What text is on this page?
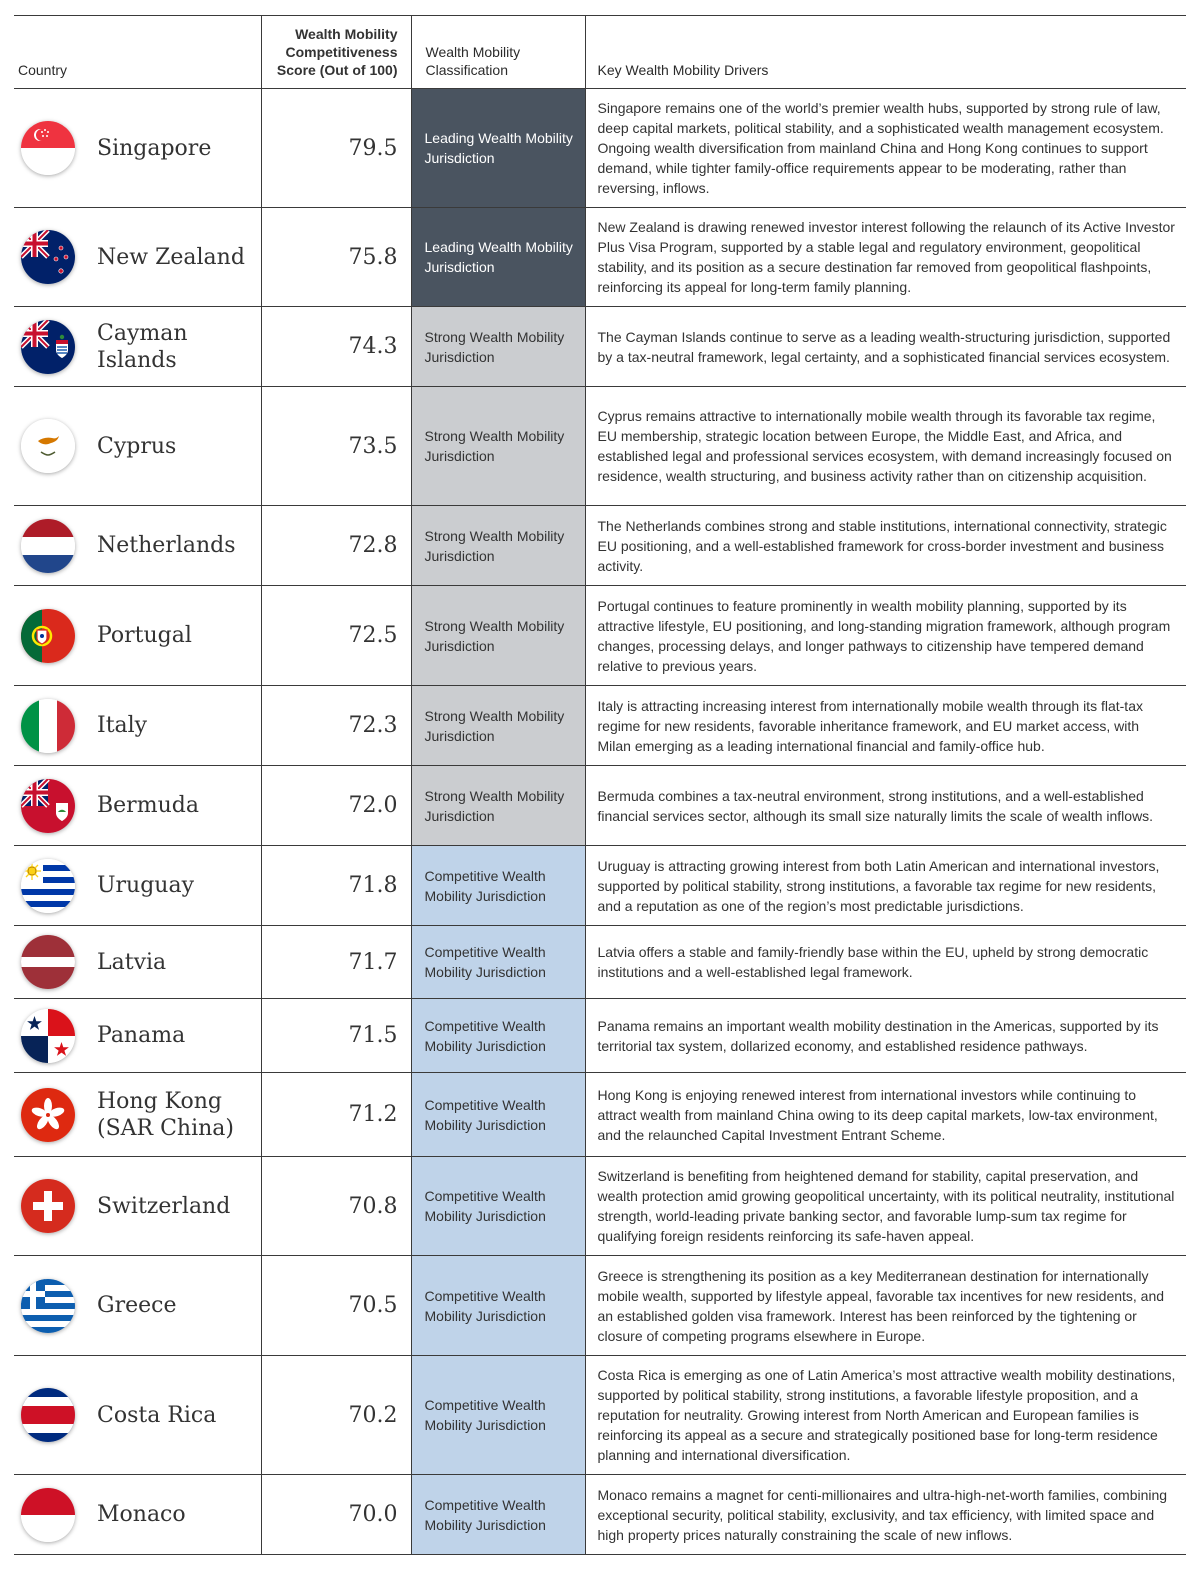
Country	Wealth Mobility Competitiveness Score (Out of 100)	Wealth Mobility Classification	Key Wealth Mobility Drivers

Singapore	79.5	Leading Wealth Mobility Jurisdiction	Singapore remains one of the world’s premier wealth hubs, supported by strong rule of law, deep capital markets, political stability, and a sophisticated wealth management ecosystem. Ongoing wealth diversification from mainland China and Hong Kong continues to support demand, while tighter family-office requirements appear to be moderating, rather than reversing, inflows.

New Zealand	75.8	Leading Wealth Mobility Jurisdiction	New Zealand is drawing renewed investor interest following the relaunch of its Active Investor Plus Visa Program, supported by a stable legal and regulatory environment, geopolitical stability, and its position as a secure destination far removed from geopolitical flashpoints, reinforcing its appeal for long-term family planning.

Cayman Islands	74.3	Strong Wealth Mobility Jurisdiction	The Cayman Islands continue to serve as a leading wealth-structuring jurisdiction, supported by a tax-neutral framework, legal certainty, and a sophisticated financial services ecosystem.

Cyprus	73.5	Strong Wealth Mobility Jurisdiction	Cyprus remains attractive to internationally mobile wealth through its favorable tax regime, EU membership, strategic location between Europe, the Middle East, and Africa, and established legal and professional services ecosystem, with demand increasingly focused on residence, wealth structuring, and business activity rather than on citizenship acquisition.

Netherlands	72.8	Strong Wealth Mobility Jurisdiction	The Netherlands combines strong and stable institutions, international connectivity, strategic EU positioning, and a well-established framework for cross-border investment and business activity.

Portugal	72.5	Strong Wealth Mobility Jurisdiction	Portugal continues to feature prominently in wealth mobility planning, supported by its attractive lifestyle, EU positioning, and long-standing migration framework, although program changes, processing delays, and longer pathways to citizenship have tempered demand relative to previous years.

Italy	72.3	Strong Wealth Mobility Jurisdiction	Italy is attracting increasing interest from internationally mobile wealth through its flat-tax regime for new residents, favorable inheritance framework, and EU market access, with Milan emerging as a leading international financial and family-office hub.

Bermuda	72.0	Strong Wealth Mobility Jurisdiction	Bermuda combines a tax-neutral environment, strong institutions, and a well-established financial services sector, although its small size naturally limits the scale of wealth inflows.

Uruguay	71.8	Competitive Wealth Mobility Jurisdiction	Uruguay is attracting growing interest from both Latin American and international investors, supported by political stability, strong institutions, a favorable tax regime for new residents, and a reputation as one of the region’s most predictable jurisdictions.

Latvia	71.7	Competitive Wealth Mobility Jurisdiction	Latvia offers a stable and family-friendly base within the EU, upheld by strong democratic institutions and a well-established legal framework.

Panama	71.5	Competitive Wealth Mobility Jurisdiction	Panama remains an important wealth mobility destination in the Americas, supported by its territorial tax system, dollarized economy, and established residence pathways.

Hong Kong (SAR China)	71.2	Competitive Wealth Mobility Jurisdiction	Hong Kong is enjoying renewed interest from international investors while continuing to attract wealth from mainland China owing to its deep capital markets, low-tax environment, and the relaunched Capital Investment Entrant Scheme.

Switzerland	70.8	Competitive Wealth Mobility Jurisdiction	Switzerland is benefiting from heightened demand for stability, capital preservation, and wealth protection amid growing geopolitical uncertainty, with its political neutrality, institutional strength, world-leading private banking sector, and favorable lump-sum tax regime for qualifying foreign residents reinforcing its safe-haven appeal.

Greece	70.5	Competitive Wealth Mobility Jurisdiction	Greece is strengthening its position as a key Mediterranean destination for internationally mobile wealth, supported by lifestyle appeal, favorable tax incentives for new residents, and an established golden visa framework. Interest has been reinforced by the tightening or closure of competing programs elsewhere in Europe.

Costa Rica	70.2	Competitive Wealth Mobility Jurisdiction	Costa Rica is emerging as one of Latin America’s most attractive wealth mobility destinations, supported by political stability, strong institutions, a favorable lifestyle proposition, and a reputation for neutrality. Growing interest from North American and European families is reinforcing its appeal as a secure and strategically positioned base for long-term residence planning and international diversification.

Monaco	70.0	Competitive Wealth Mobility Jurisdiction	Monaco remains a magnet for centi-millionaires and ultra-high-net-worth families, combining exceptional security, political stability, exclusivity, and tax efficiency, with limited space and high property prices naturally constraining the scale of new inflows.
